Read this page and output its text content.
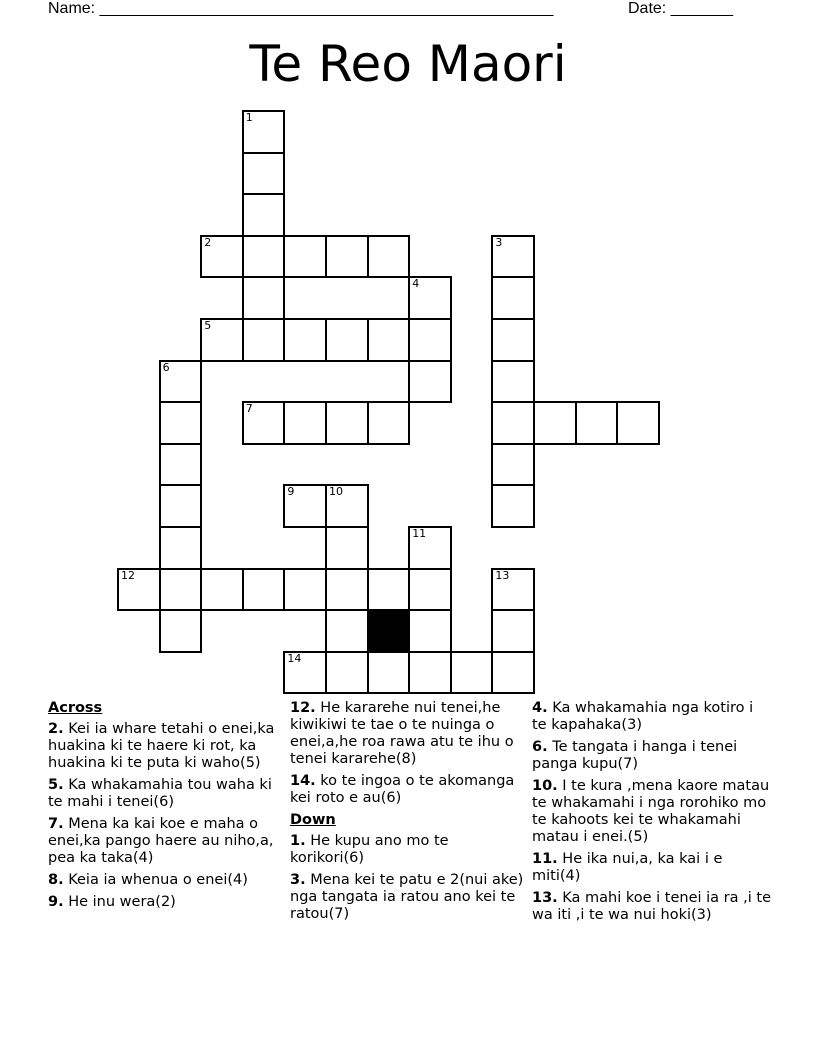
Name: ___________________________________________________	Date: _______
Te Reo Maori
1
2	3
4
5
6
7
9	10
11
12	13
14
Across
2. Kei ia whare tetahi o enei,ka huakina ki te haere ki rot, ka huakina ki te puta ki waho(5)
5. Ka whakamahia tou waha ki te mahi i tenei(6)
7. Mena ka kai koe e maha o enei,ka pango haere au niho,a, pea ka taka(4)
8. Keia ia whenua o enei(4)
9. He inu wera(2)
12. He kararehe nui tenei,he kiwikiwi te tae o te nuinga o enei,a,he roa rawa atu te ihu o tenei kararehe(8)
14. ko te ingoa o te akomanga kei roto e au(6)
Down
1. He kupu ano mo te korikori(6)
3. Mena kei te patu e 2(nui ake) nga tangata ia ratou ano kei te ratou(7)
4. Ka whakamahia nga kotiro i te kapahaka(3)
6. Te tangata i hanga i tenei panga kupu(7)
10. I te kura ,mena kaore matau te whakamahi i nga rorohiko mo te kahoots kei te whakamahi matau i enei.(5)
11. He ika nui,a, ka kai i e miti(4)
13. Ka mahi koe i tenei ia ra ,i te wa iti ,i te wa nui hoki(3)
